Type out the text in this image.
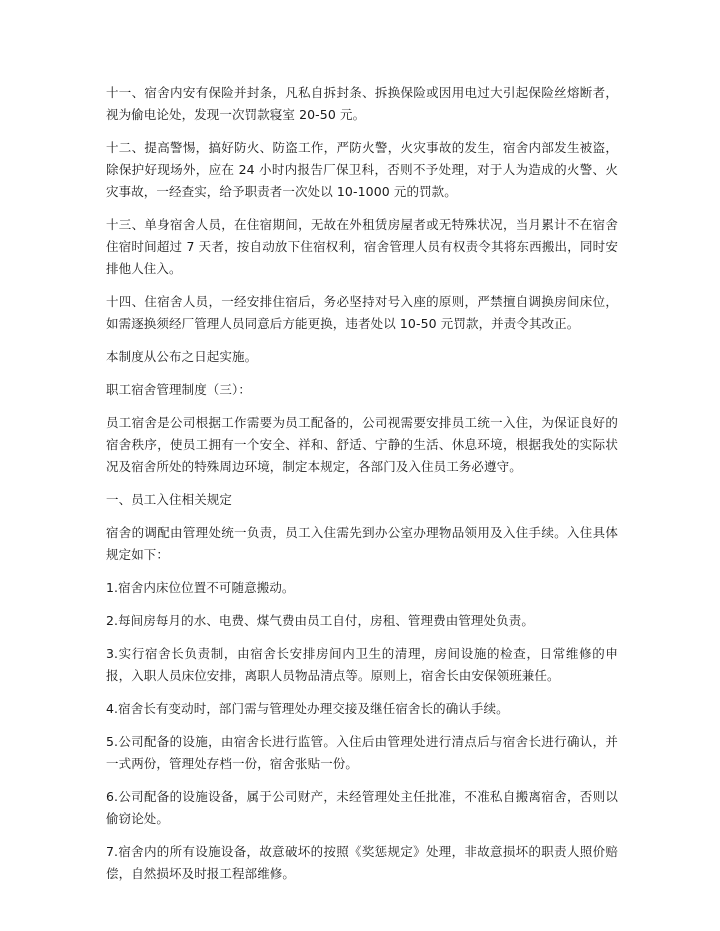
十一、宿舍内安有保险并封条，凡私自拆封条、拆换保险或因用电过大引起保险丝熔断者，视为偷电论处，发现一次罚款寝室 20-50 元。

十二、提高警惕，搞好防火、防盗工作，严防火警，火灾事故的发生，宿舍内部发生被盗，除保护好现场外，应在 24 小时内报告厂保卫科，否则不予处理，对于人为造成的火警、火灾事故，一经查实，给予职责者一次处以 10-1000 元的罚款。

十三、单身宿舍人员，在住宿期间，无故在外租赁房屋者或无特殊状况，当月累计不在宿舍住宿时间超过 7 天者，按自动放下住宿权利，宿舍管理人员有权责令其将东西搬出，同时安排他人住入。

十四、住宿舍人员，一经安排住宿后，务必坚持对号入座的原则，严禁擅自调换房间床位，如需逐换须经厂管理人员同意后方能更换，违者处以 10-50 元罚款，并责令其改正。

本制度从公布之日起实施。

职工宿舍管理制度（三）：

员工宿舍是公司根据工作需要为员工配备的，公司视需要安排员工统一入住，为保证良好的宿舍秩序，使员工拥有一个安全、祥和、舒适、宁静的生活、休息环境，根据我处的实际状况及宿舍所处的特殊周边环境，制定本规定，各部门及入住员工务必遵守。

一、员工入住相关规定

宿舍的调配由管理处统一负责，员工入住需先到办公室办理物品领用及入住手续。入住具体规定如下：

1.宿舍内床位位置不可随意搬动。

2.每间房每月的水、电费、煤气费由员工自付，房租、管理费由管理处负责。

3.实行宿舍长负责制，由宿舍长安排房间内卫生的清理，房间设施的检查，日常维修的申报，入职人员床位安排，离职人员物品清点等。原则上，宿舍长由安保领班兼任。

4.宿舍长有变动时，部门需与管理处办理交接及继任宿舍长的确认手续。

5.公司配备的设施，由宿舍长进行监管。入住后由管理处进行清点后与宿舍长进行确认，并一式两份，管理处存档一份，宿舍张贴一份。

6.公司配备的设施设备，属于公司财产，未经管理处主任批准，不准私自搬离宿舍，否则以偷窃论处。

7.宿舍内的所有设施设备，故意破坏的按照《奖惩规定》处理，非故意损坏的职责人照价赔偿，自然损坏及时报工程部维修。
